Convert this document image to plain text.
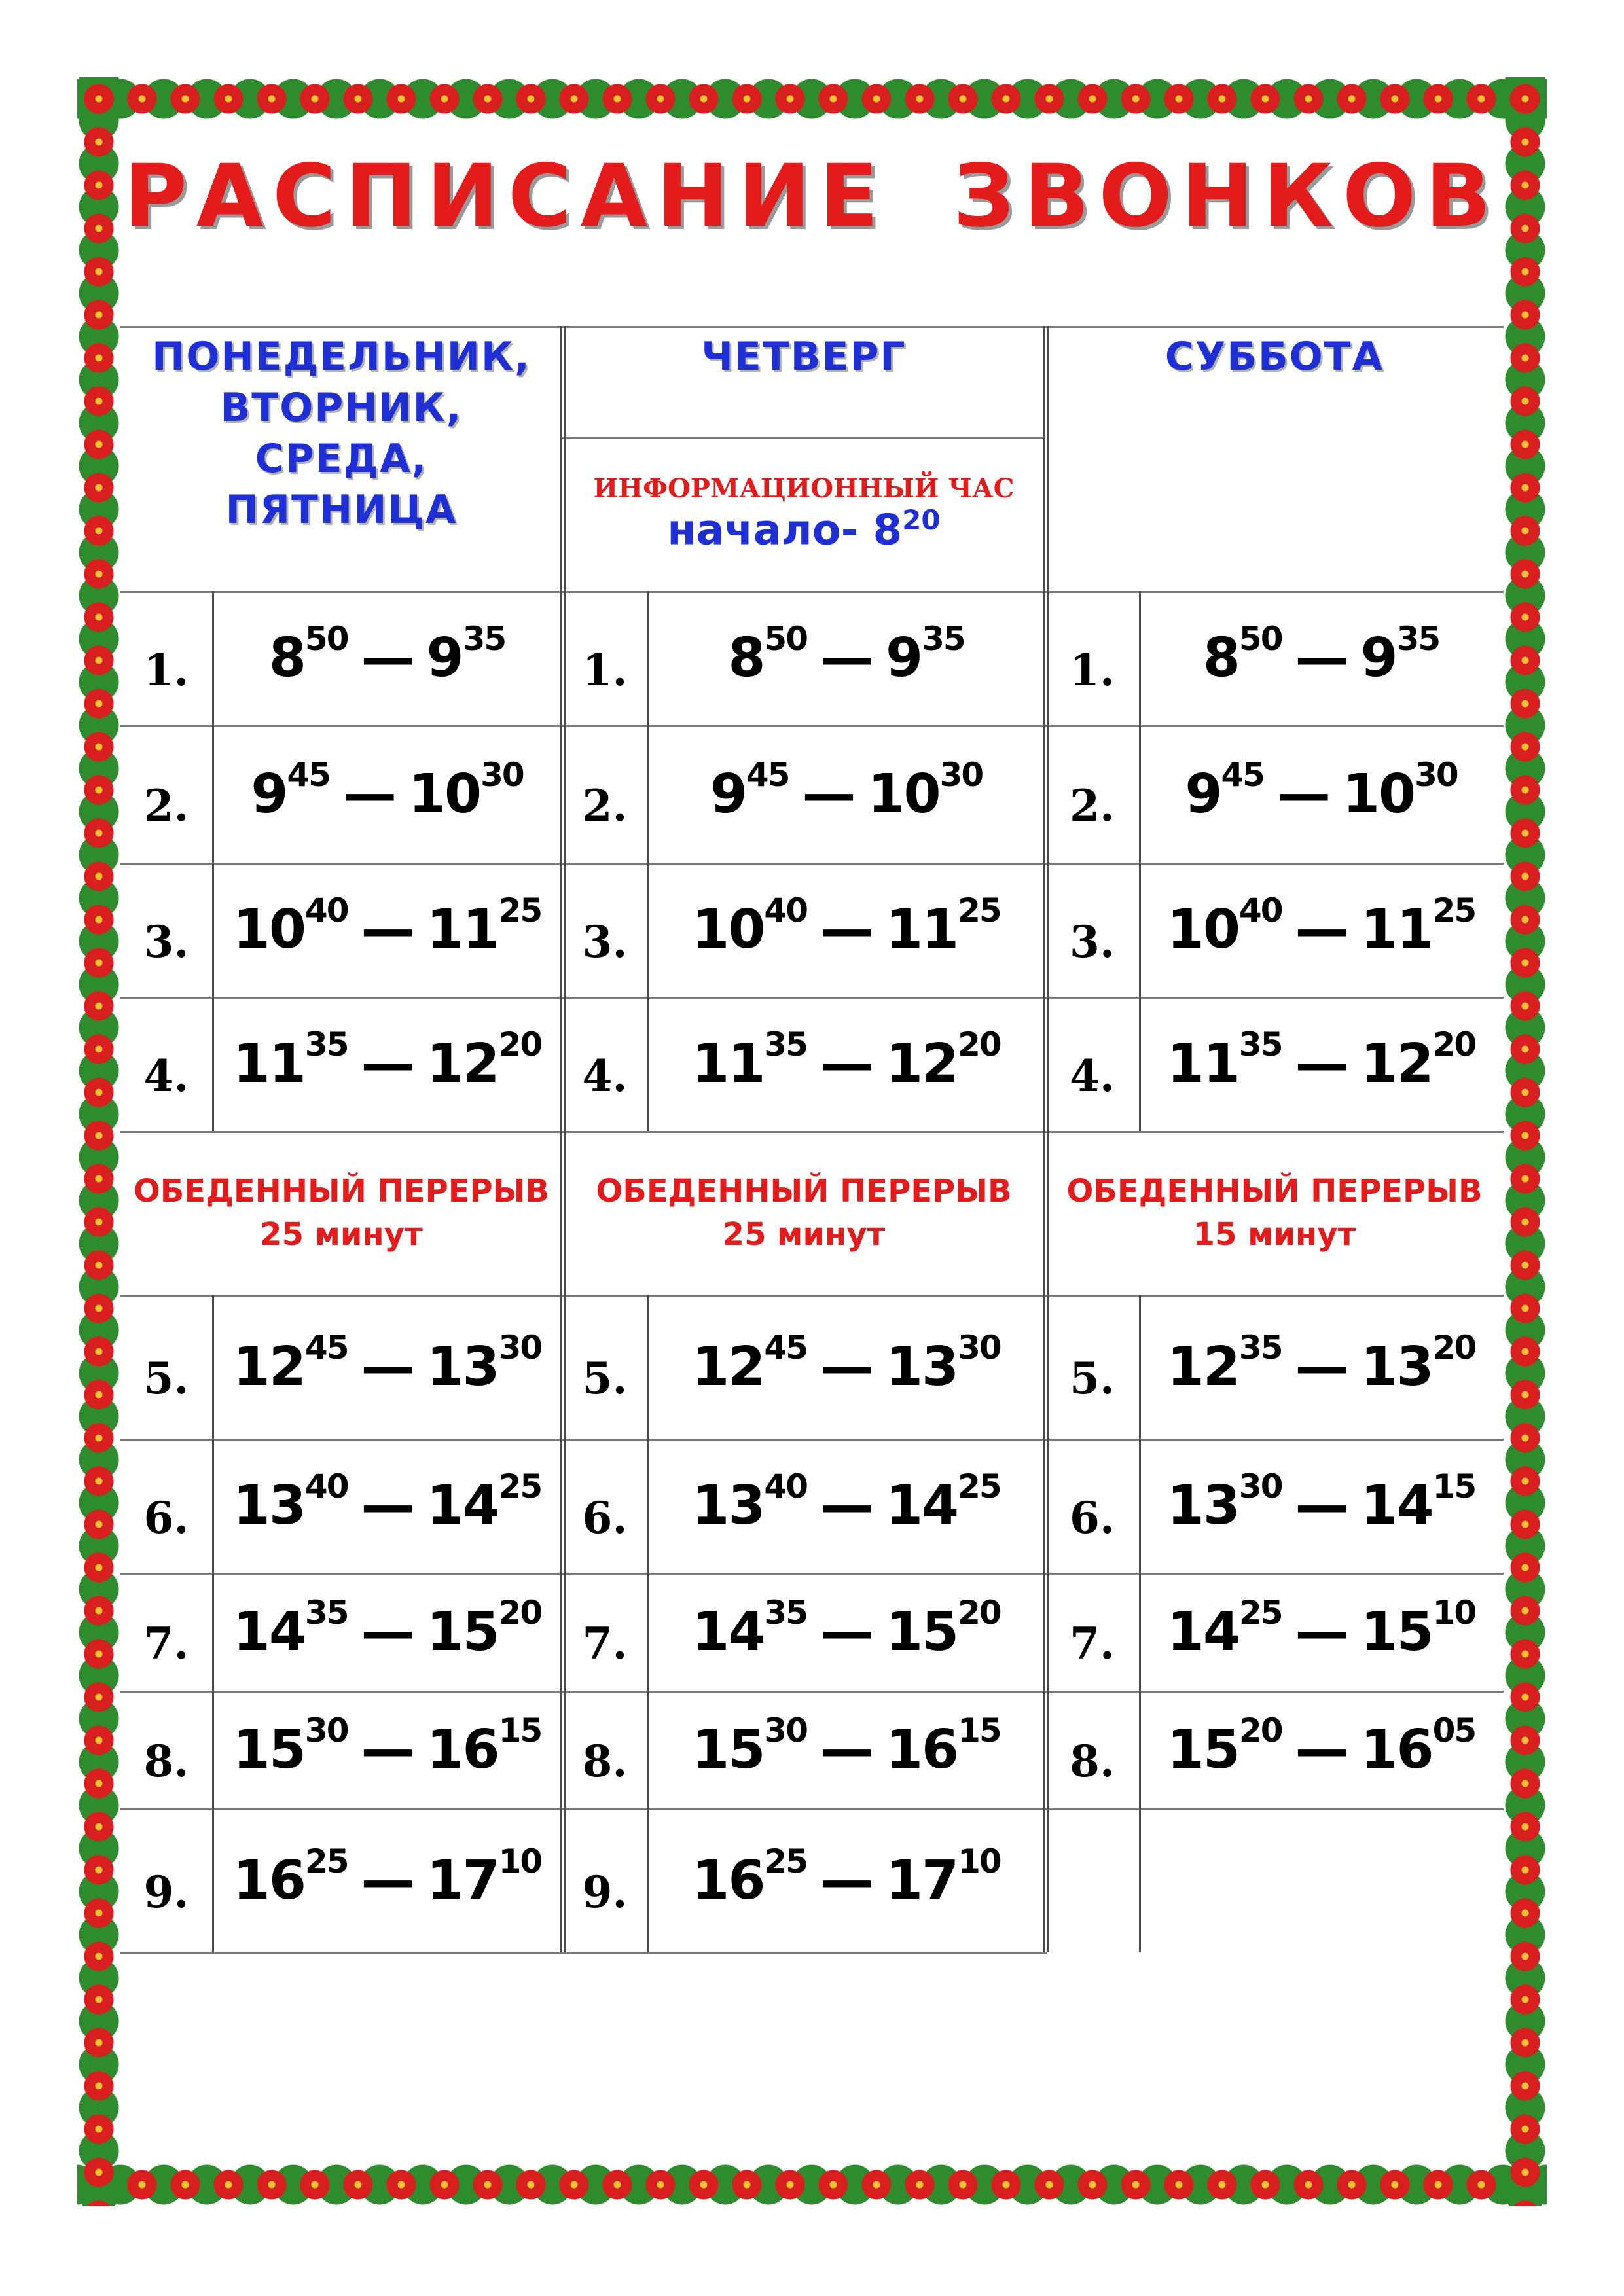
РАСПИСАНИЕ ЗВОНКОВ
ПОНЕДЕЛЬНИК,
ВТОРНИК,
СРЕДА,
ПЯТНИЦА
ЧЕТВЕРГ
ИНФОРМАЦИОННЫЙ ЧАС
начало- $8^{20}$
СУББОТА
1.	$8^{50}$ — $9^{35}$
2.	$9^{45}$ — $10^{30}$
3. $10^{40}$ — $11^{25}$
4. $11^{35}$ — $12^{20}$
5. $12^{45}$ — $13^{30}$
6. $13^{40}$ — $14^{25}$
7. $14^{35}$ — $15^{20}$
8. $15^{30}$ — $16^{15}$
9. $16^{25}$ — $17^{10}$
ОБЕДЕННЫЙ ПЕРЕРЫВ
25 минут
1.	$8^{50}$ — $9^{35}$
2.	$9^{45}$ — $10^{30}$
3.	$10^{40}$ — $11^{25}$
4.	$11^{35}$ — $12^{20}$
5.	$12^{45}$ — $13^{30}$
6.	$13^{40}$ — $14^{25}$
7.	$14^{35}$ — $15^{20}$
8.	$15^{30}$ — $16^{15}$
9.	$16^{25}$ — $17^{10}$
ОБЕДЕННЫЙ ПЕРЕРЫВ
25 минут
1.	$8^{50}$ — $9^{35}$
2.	$9^{45}$ — $10^{30}$
3. $10^{40}$ — $11^{25}$
4. $11^{35}$ — $12^{20}$
5. $12^{35}$ — $13^{20}$
6. $13^{30}$ — $14^{15}$
7. $14^{25}$ — $15^{10}$
8. $15^{20}$ — $16^{05}$
ОБЕДЕННЫЙ ПЕРЕРЫВ
15 минут
